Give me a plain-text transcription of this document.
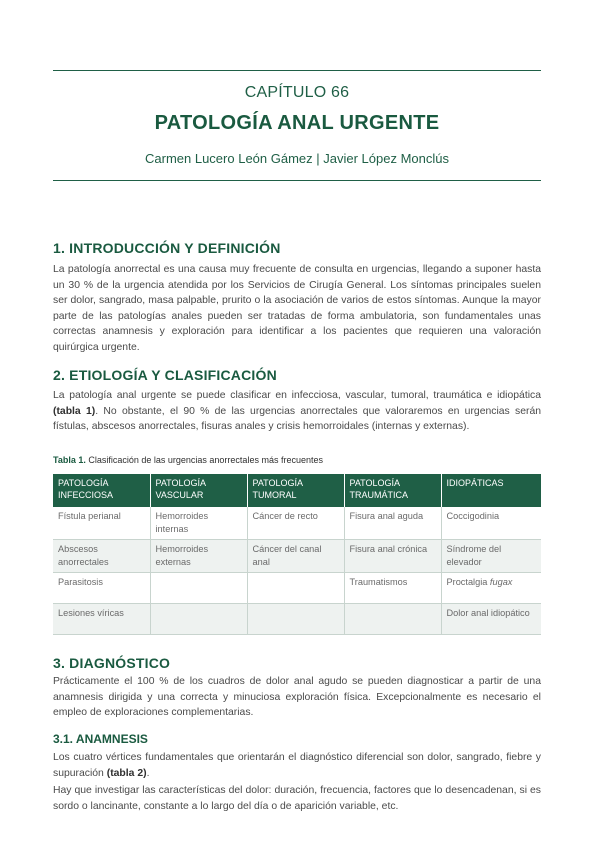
CAPÍTULO 66
PATOLOGÍA ANAL URGENTE
Carmen Lucero León Gámez | Javier López Monclús
1. INTRODUCCIÓN Y DEFINICIÓN

La patología anorrectal es una causa muy frecuente de consulta en urgencias, llegando a suponer hasta un 30 % de la urgencia atendida por los Servicios de Cirugía General. Los síntomas principales suelen ser dolor, sangrado, masa palpable, prurito o la asociación de varios de estos síntomas. Aunque la mayor parte de las patologías anales pueden ser tratadas de forma ambulatoria, son fundamentales unas correctas anamnesis y exploración para identificar a los pacientes que requieren una valoración quirúrgica urgente.

2. ETIOLOGÍA Y CLASIFICACIÓN

La patología anal urgente se puede clasificar en infecciosa, vascular, tumoral, traumática e idiopática (tabla 1). No obstante, el 90 % de las urgencias anorrectales que valoraremos en urgencias serán fístulas, abscesos anorrectales, fisuras anales y crisis hemorroidales (internas y externas).

Tabla 1. Clasificación de las urgencias anorrectales más frecuentes
PATOLOGÍA INFECCIOSA	PATOLOGÍA VASCULAR	PATOLOGÍA TUMORAL	PATOLOGÍA TRAUMÁTICA	IDIOPÁTICAS
Fístula perianal	Hemorroides internas	Cáncer de recto	Fisura anal aguda	Coccigodinia
Abscesos anorrectales	Hemorroides externas	Cáncer del canal anal	Fisura anal crónica	Síndrome del elevador
Parasitosis			Traumatismos	Proctalgia fugax
Lesiones víricas				Dolor anal idiopático
3. DIAGNÓSTICO

Prácticamente el 100 % de los cuadros de dolor anal agudo se pueden diagnosticar a partir de una anamnesis dirigida y una correcta y minuciosa exploración física. Excepcionalmente es necesario el empleo de exploraciones complementarias.

3.1. ANAMNESIS

Los cuatro vértices fundamentales que orientarán el diagnóstico diferencial son dolor, sangrado, fiebre y supuración (tabla 2).

Hay que investigar las características del dolor: duración, frecuencia, factores que lo desencadenan, si es sordo o lancinante, constante a lo largo del día o de aparición variable, etc.
